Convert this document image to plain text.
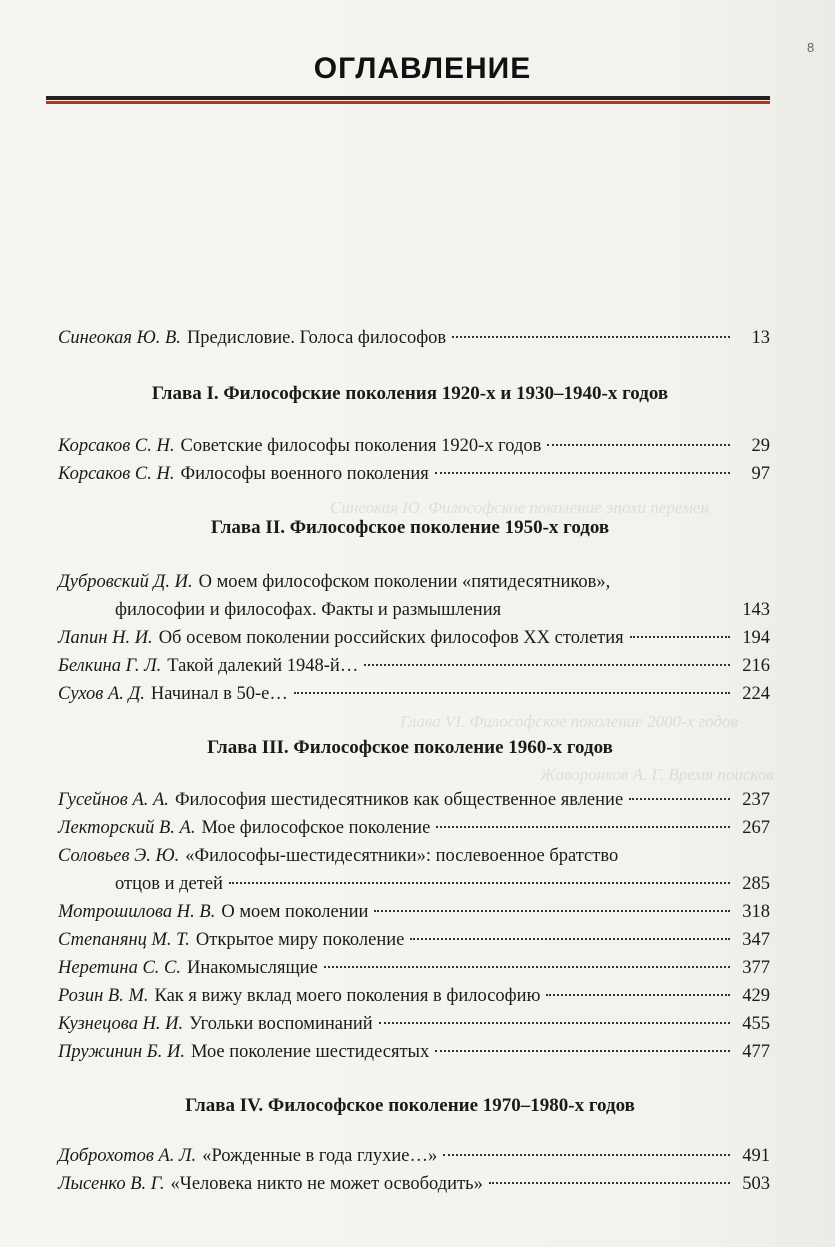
Синеокая Ю. Философское поколение эпохи перемен
Глава VI. Философское поколение 2000-х годов
Жаворонков А. Г. Время поисков
8
ОГЛАВЛЕНИЕ
Синеокая Ю. В. Предисловие. Голоса философов	13
Глава I. Философские поколения 1920-х и 1930–1940-х годов
Корсаков С. Н. Советские философы поколения 1920-х годов	29
Корсаков С. Н. Философы военного поколения	97
Глава II. Философское поколение 1950-х годов
Дубровский Д. И. О моем философском поколении «пятидесятников»,
философии и философах. Факты и размышления	143
Лапин Н. И. Об осевом поколении российских философов ХХ столетия	194
Белкина Г. Л. Такой далекий 1948-й…	216
Сухов А. Д. Начинал в 50-е…	224
Глава III. Философское поколение 1960-х годов
Гусейнов А. А. Философия шестидесятников как общественное явление	237
Лекторский В. А. Мое философское поколение	267
Соловьев Э. Ю. «Философы-шестидесятники»: послевоенное братство
отцов и детей	285
Мотрошилова Н. В. О моем поколении	318
Степанянц М. Т. Открытое миру поколение	347
Неретина С. С. Инакомыслящие	377
Розин В. М. Как я вижу вклад моего поколения в философию	429
Кузнецова Н. И. Угольки воспоминаний	455
Пружинин Б. И. Мое поколение шестидесятых	477
Глава IV. Философское поколение 1970–1980-х годов
Доброхотов А. Л. «Рожденные в года глухие…»	491
Лысенко В. Г. «Человека никто не может освободить»	503
